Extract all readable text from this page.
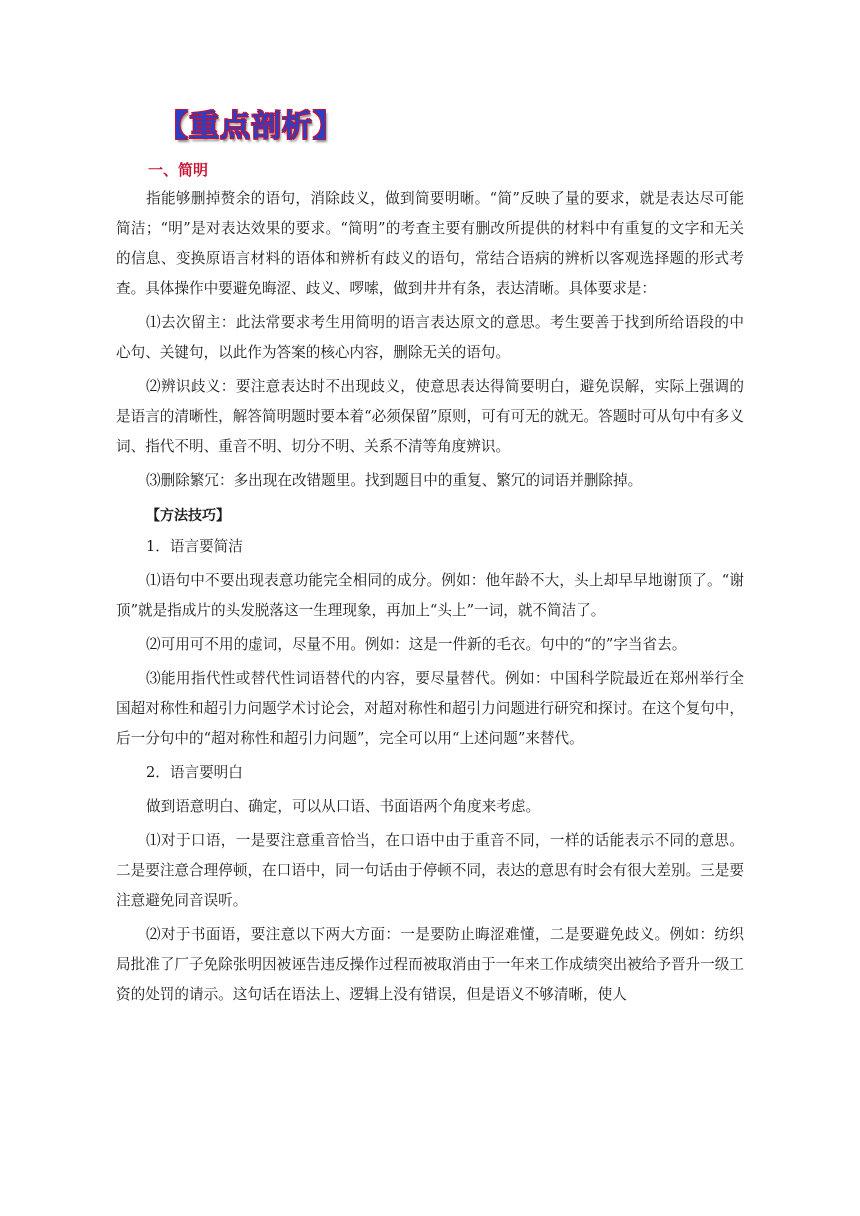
【重点剖析】
一、简明

指能够删掉赘余的语句，消除歧义，做到简要明晰。“简”反映了量的要求，就是表达尽可能简洁；“明”是对表达效果的要求。“简明”的考查主要有删改所提供的材料中有重复的文字和无关的信息、变换原语言材料的语体和辨析有歧义的语句，常结合语病的辨析以客观选择题的形式考查。具体操作中要避免晦涩、歧义、啰嗦，做到井井有条，表达清晰。具体要求是：

⑴去次留主：此法常要求考生用简明的语言表达原文的意思。考生要善于找到所给语段的中心句、关键句，以此作为答案的核心内容，删除无关的语句。

⑵辨识歧义：要注意表达时不出现歧义，使意思表达得简要明白，避免误解，实际上强调的是语言的清晰性，解答简明题时要本着“必须保留”原则，可有可无的就无。答题时可从句中有多义词、指代不明、重音不明、切分不明、关系不清等角度辨识。

⑶删除繁冗：多出现在改错题里。找到题目中的重复、繁冗的词语并删除掉。

【方法技巧】

1．语言要简洁

⑴语句中不要出现表意功能完全相同的成分。例如：他年龄不大，头上却早早地谢顶了。“谢顶”就是指成片的头发脱落这一生理现象，再加上“头上”一词，就不简洁了。

⑵可用可不用的虚词，尽量不用。例如：这是一件新的毛衣。句中的“的”字当省去。

⑶能用指代性或替代性词语替代的内容，要尽量替代。例如：中国科学院最近在郑州举行全国超对称性和超引力问题学术讨论会，对超对称性和超引力问题进行研究和探讨。在这个复句中，后一分句中的“超对称性和超引力问题”，完全可以用“上述问题”来替代。

2．语言要明白

做到语意明白、确定，可以从口语、书面语两个角度来考虑。

⑴对于口语，一是要注意重音恰当，在口语中由于重音不同，一样的话能表示不同的意思。二是要注意合理停顿，在口语中，同一句话由于停顿不同，表达的意思有时会有很大差别。三是要注意避免同音误听。

⑵对于书面语，要注意以下两大方面：一是要防止晦涩难懂，二是要避免歧义。例如：纺织局批准了厂子免除张明因被诬告违反操作过程而被取消由于一年来工作成绩突出被给予晋升一级工资的处罚的请示。这句话在语法上、逻辑上没有错误，但是语义不够清晰，使人
